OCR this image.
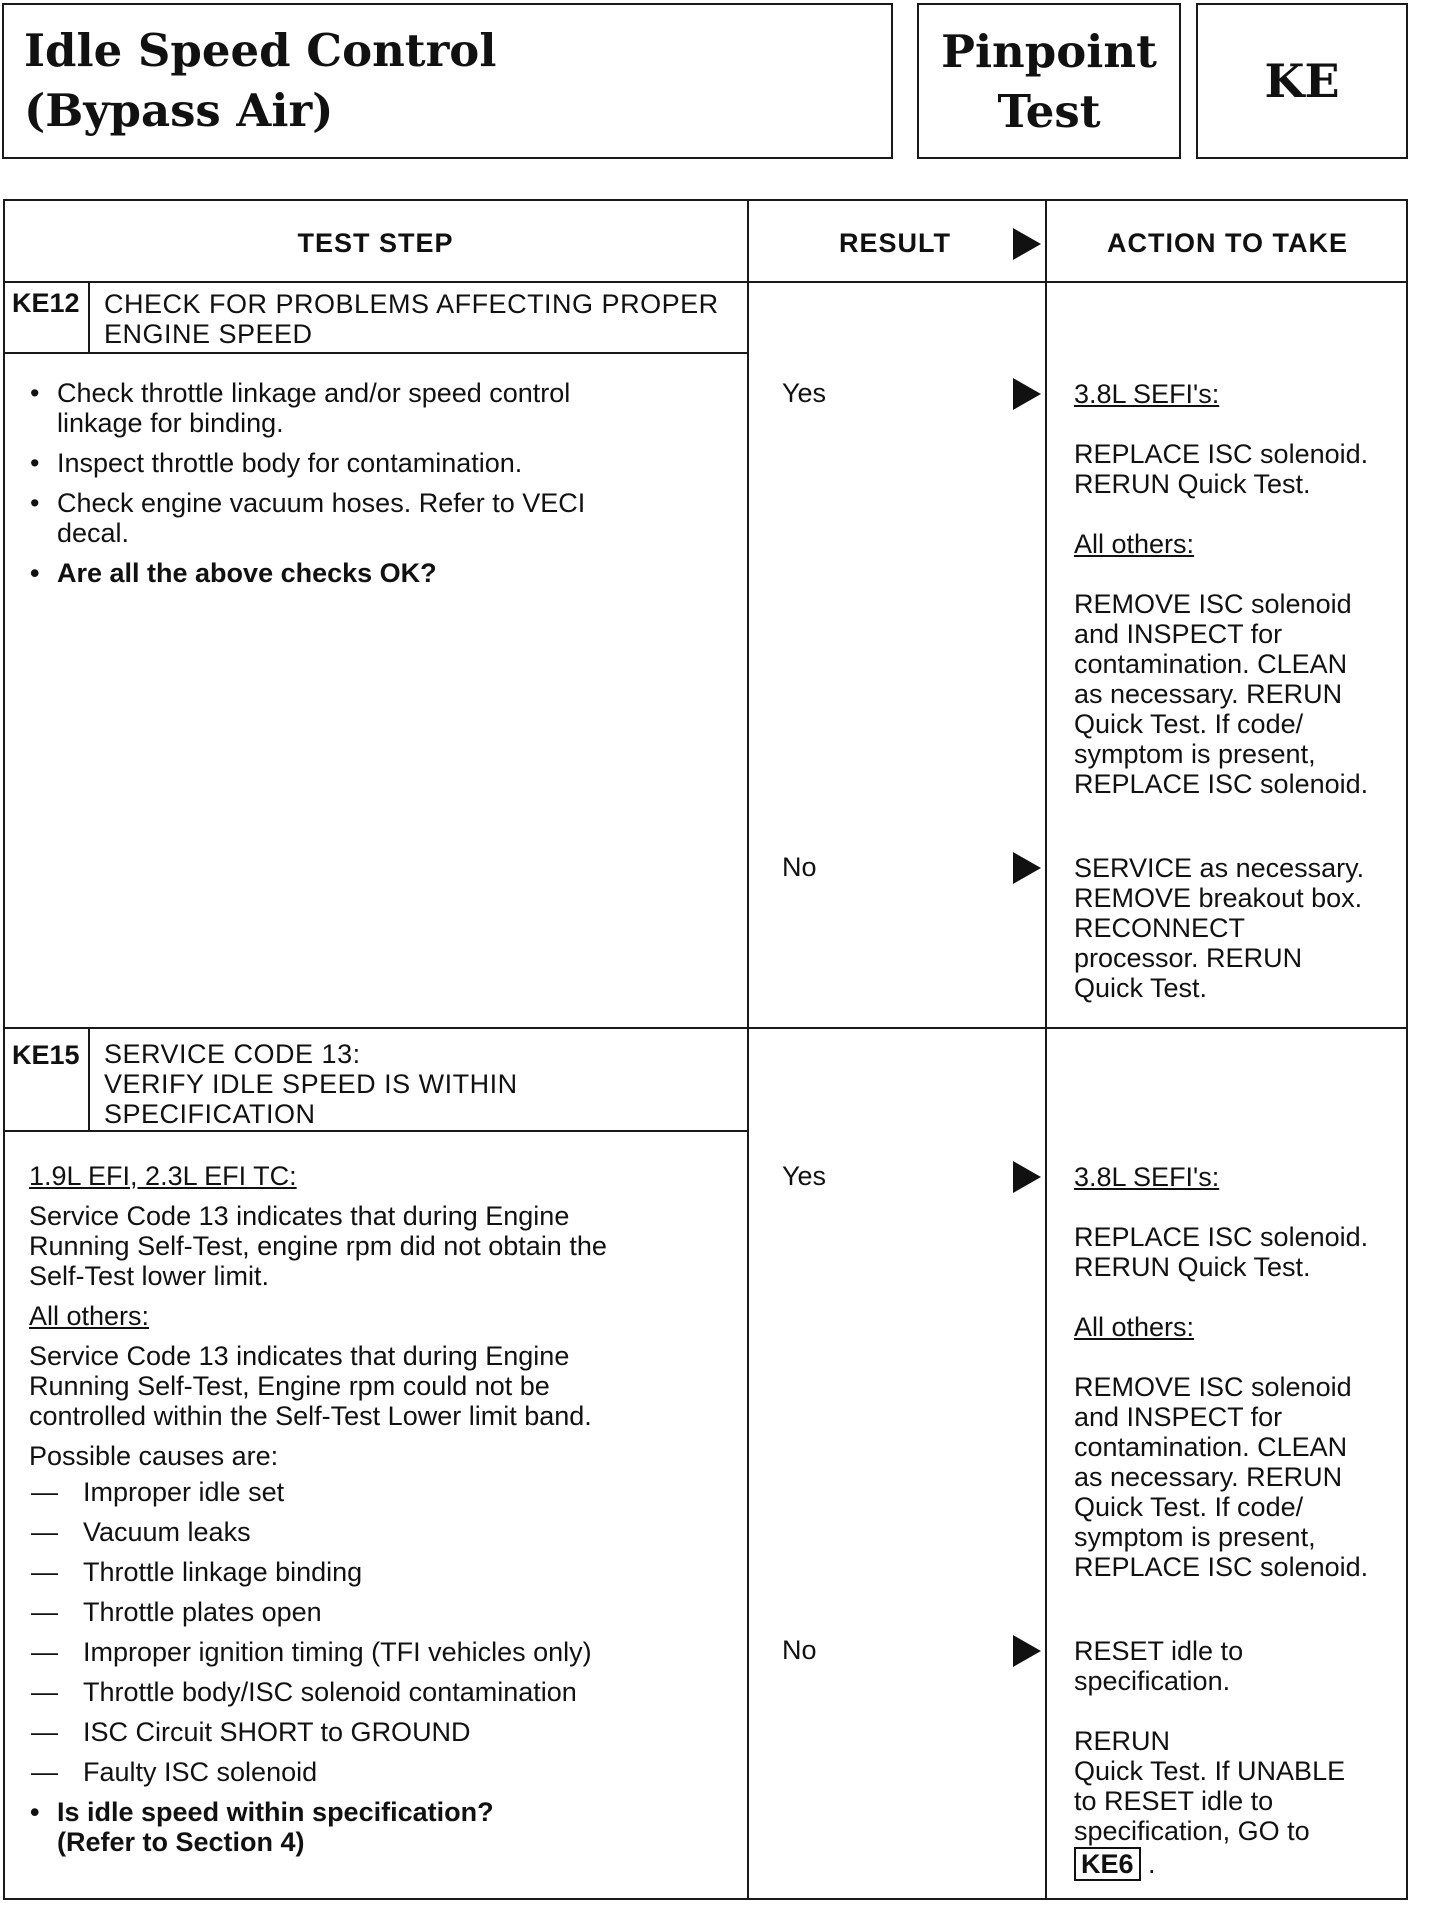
Idle Speed Control
(Bypass Air)
Pinpoint
Test
KE
TEST STEP	RESULT	ACTION TO TAKE
KE12 CHECK FOR PROBLEMS AFFECTING PROPER
ENGINE SPEED
• Check throttle linkage and/or speed control
linkage for binding.
• Inspect throttle body for contamination.
• Check engine vacuum hoses. Refer to VECI
decal.
• Are all the above checks OK?
Yes	3.8L SEFI's:
REPLACE ISC solenoid.
RERUN Quick Test.
All others:
REMOVE ISC solenoid
and INSPECT for
contamination. CLEAN
as necessary. RERUN
Quick Test. If code/
symptom is present,
REPLACE ISC solenoid.
No	SERVICE as necessary.
REMOVE breakout box.
RECONNECT
processor. RERUN
Quick Test.
KE15 SERVICE CODE 13:
VERIFY IDLE SPEED IS WITHIN
SPECIFICATION
1.9L EFI, 2.3L EFI TC:
Service Code 13 indicates that during Engine
Running Self-Test, engine rpm did not obtain the
Self-Test lower limit.
All others:
Service Code 13 indicates that during Engine
Running Self-Test, Engine rpm could not be
controlled within the Self-Test Lower limit band.
Possible causes are:
— Improper idle set
— Vacuum leaks
— Throttle linkage binding
— Throttle plates open
— Improper ignition timing (TFI vehicles only)
— Throttle body/ISC solenoid contamination
— ISC Circuit SHORT to GROUND
— Faulty ISC solenoid
• Is idle speed within specification?
(Refer to Section 4)
Yes	3.8L SEFI's:
REPLACE ISC solenoid.
RERUN Quick Test.
All others:
REMOVE ISC solenoid
and INSPECT for
contamination. CLEAN
as necessary. RERUN
Quick Test. If code/
symptom is present,
REPLACE ISC solenoid.
No	RESET idle to
specification.
RERUN
Quick Test. If UNABLE
to RESET idle to
specification, GO to
KE6 .
